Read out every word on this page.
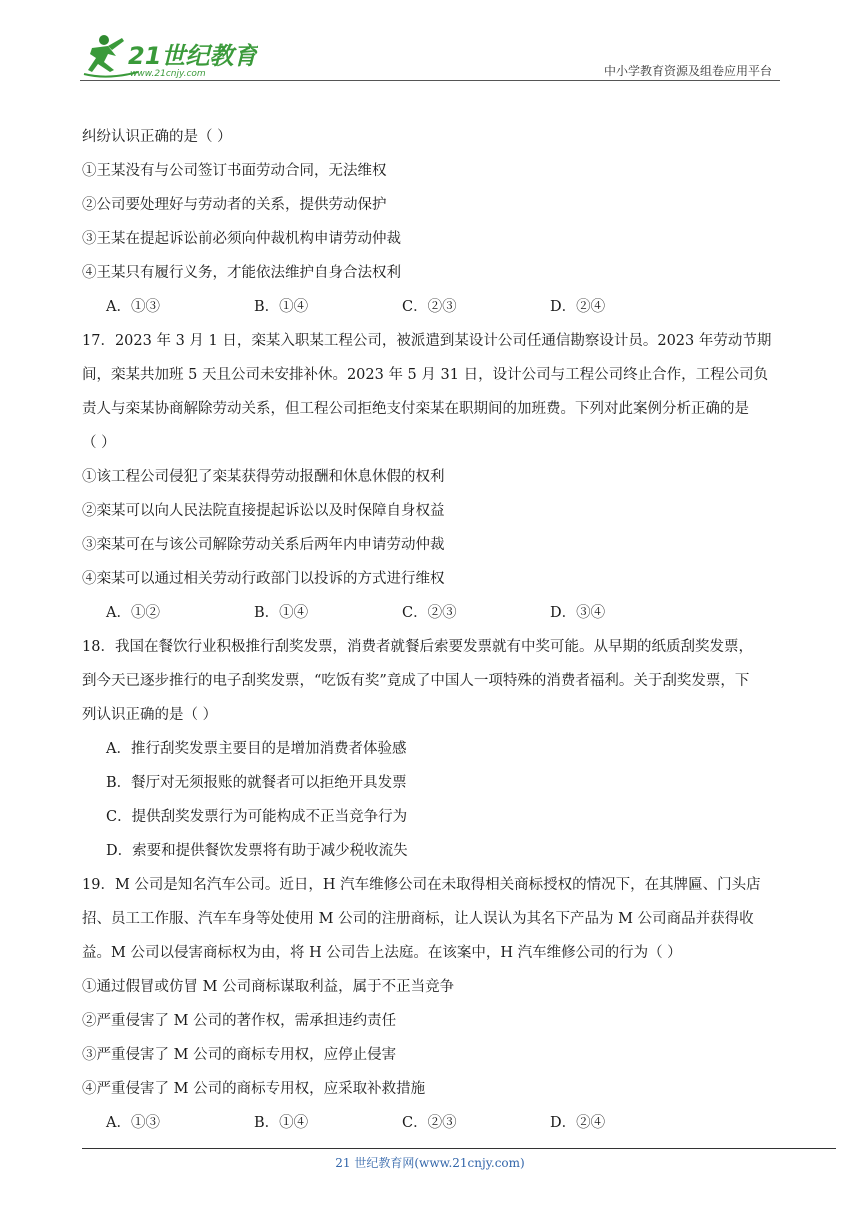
21世纪教育
www.21cnjy.com	中小学教育资源及组卷应用平台
纠纷认识正确的是（ ）
①王某没有与公司签订书面劳动合同，无法维权
②公司要处理好与劳动者的关系，提供劳动保护
③王某在提起诉讼前必须向仲裁机构申请劳动仲裁
④王某只有履行义务，才能依法维护自身合法权利
A．①③	B．①④	C．②③	D．②④
17．2023 年 3 月 1 日，栾某入职某工程公司，被派遣到某设计公司任通信勘察设计员。2023 年劳动节期
间，栾某共加班 5 天且公司未安排补休。2023 年 5 月 31 日，设计公司与工程公司终止合作，工程公司负
责人与栾某协商解除劳动关系，但工程公司拒绝支付栾某在职期间的加班费。下列对此案例分析正确的是
（ ）
①该工程公司侵犯了栾某获得劳动报酬和休息休假的权利
②栾某可以向人民法院直接提起诉讼以及时保障自身权益
③栾某可在与该公司解除劳动关系后两年内申请劳动仲裁
④栾某可以通过相关劳动行政部门以投诉的方式进行维权
A．①②	B．①④	C．②③	D．③④
18．我国在餐饮行业积极推行刮奖发票，消费者就餐后索要发票就有中奖可能。从早期的纸质刮奖发票，
到今天已逐步推行的电子刮奖发票，“吃饭有奖”竟成了中国人一项特殊的消费者福利。关于刮奖发票，下
列认识正确的是（ ）
A．推行刮奖发票主要目的是增加消费者体验感
B．餐厅对无须报账的就餐者可以拒绝开具发票
C．提供刮奖发票行为可能构成不正当竞争行为
D．索要和提供餐饮发票将有助于减少税收流失
19．M 公司是知名汽车公司。近日，H 汽车维修公司在未取得相关商标授权的情况下，在其牌匾、门头店
招、员工工作服、汽车车身等处使用 M 公司的注册商标，让人误认为其名下产品为 M 公司商品并获得收
益。M 公司以侵害商标权为由，将 H 公司告上法庭。在该案中，H 汽车维修公司的行为（ ）
①通过假冒或仿冒 M 公司商标谋取利益，属于不正当竞争
②严重侵害了 M 公司的著作权，需承担违约责任
③严重侵害了 M 公司的商标专用权，应停止侵害
④严重侵害了 M 公司的商标专用权，应采取补救措施
A．①③	B．①④	C．②③	D．②④
21 世纪教育网(www.21cnjy.com)
